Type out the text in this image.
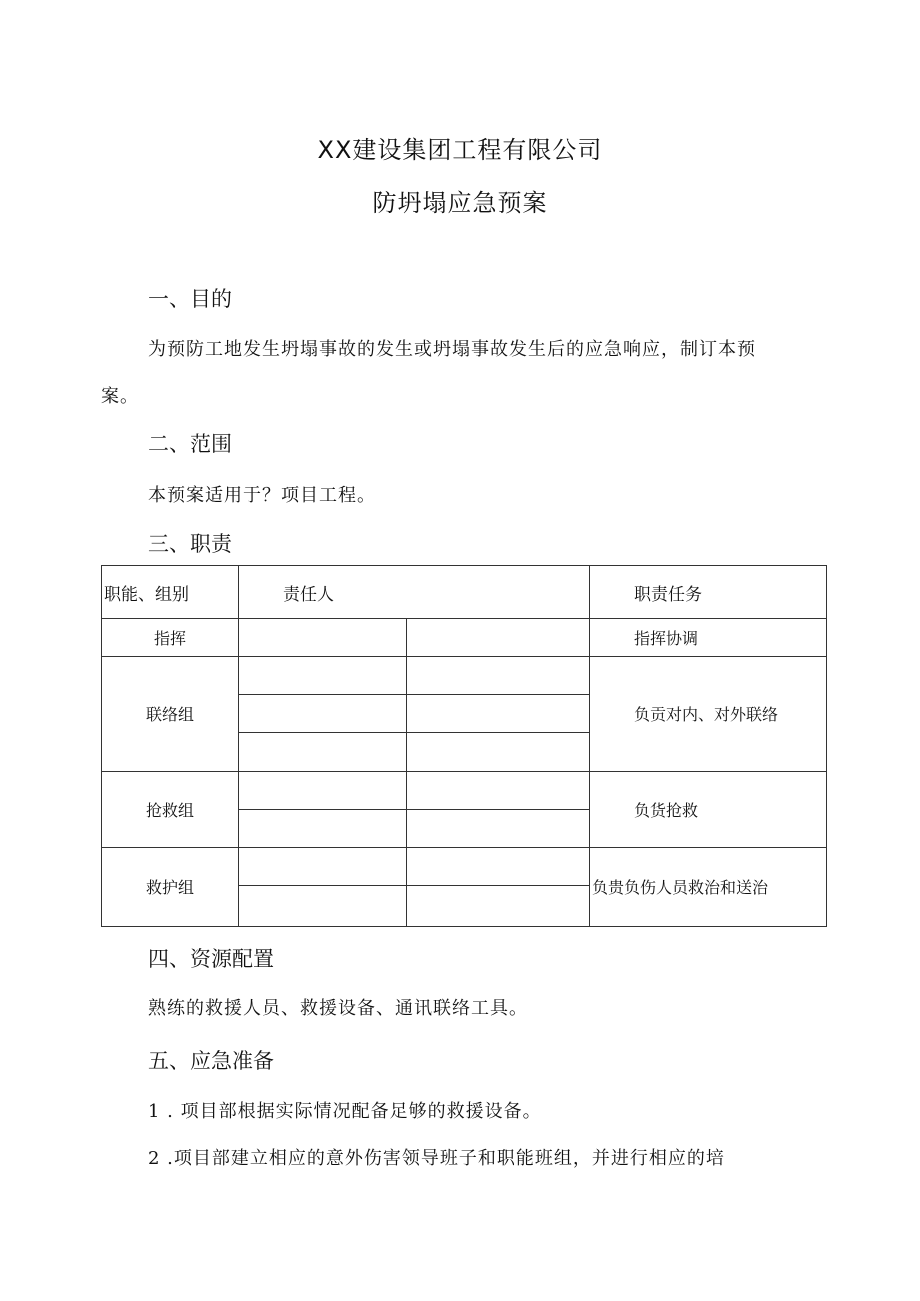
XX建设集团工程有限公司
防坍塌应急预案
一、目的
为预防工地发生坍塌事故的发生或坍塌事故发生后的应急响应，制订本预
案。
二、范围
本预案适用于？项目工程。
三、职责
职能、组别	责任人		职责任务
指挥			指挥协调
联络组			负贡对内、对外联络

抢救组			负货抢救

救护组			负贵负伤人员救治和送治

四、资源配置
熟练的救援人员、救援设备、通讯联络工具。
五、应急准备
1 . 项目部根据实际情况配备足够的救援设备。
2 .项目部建立相应的意外伤害领导班子和职能班组，并进行相应的培
